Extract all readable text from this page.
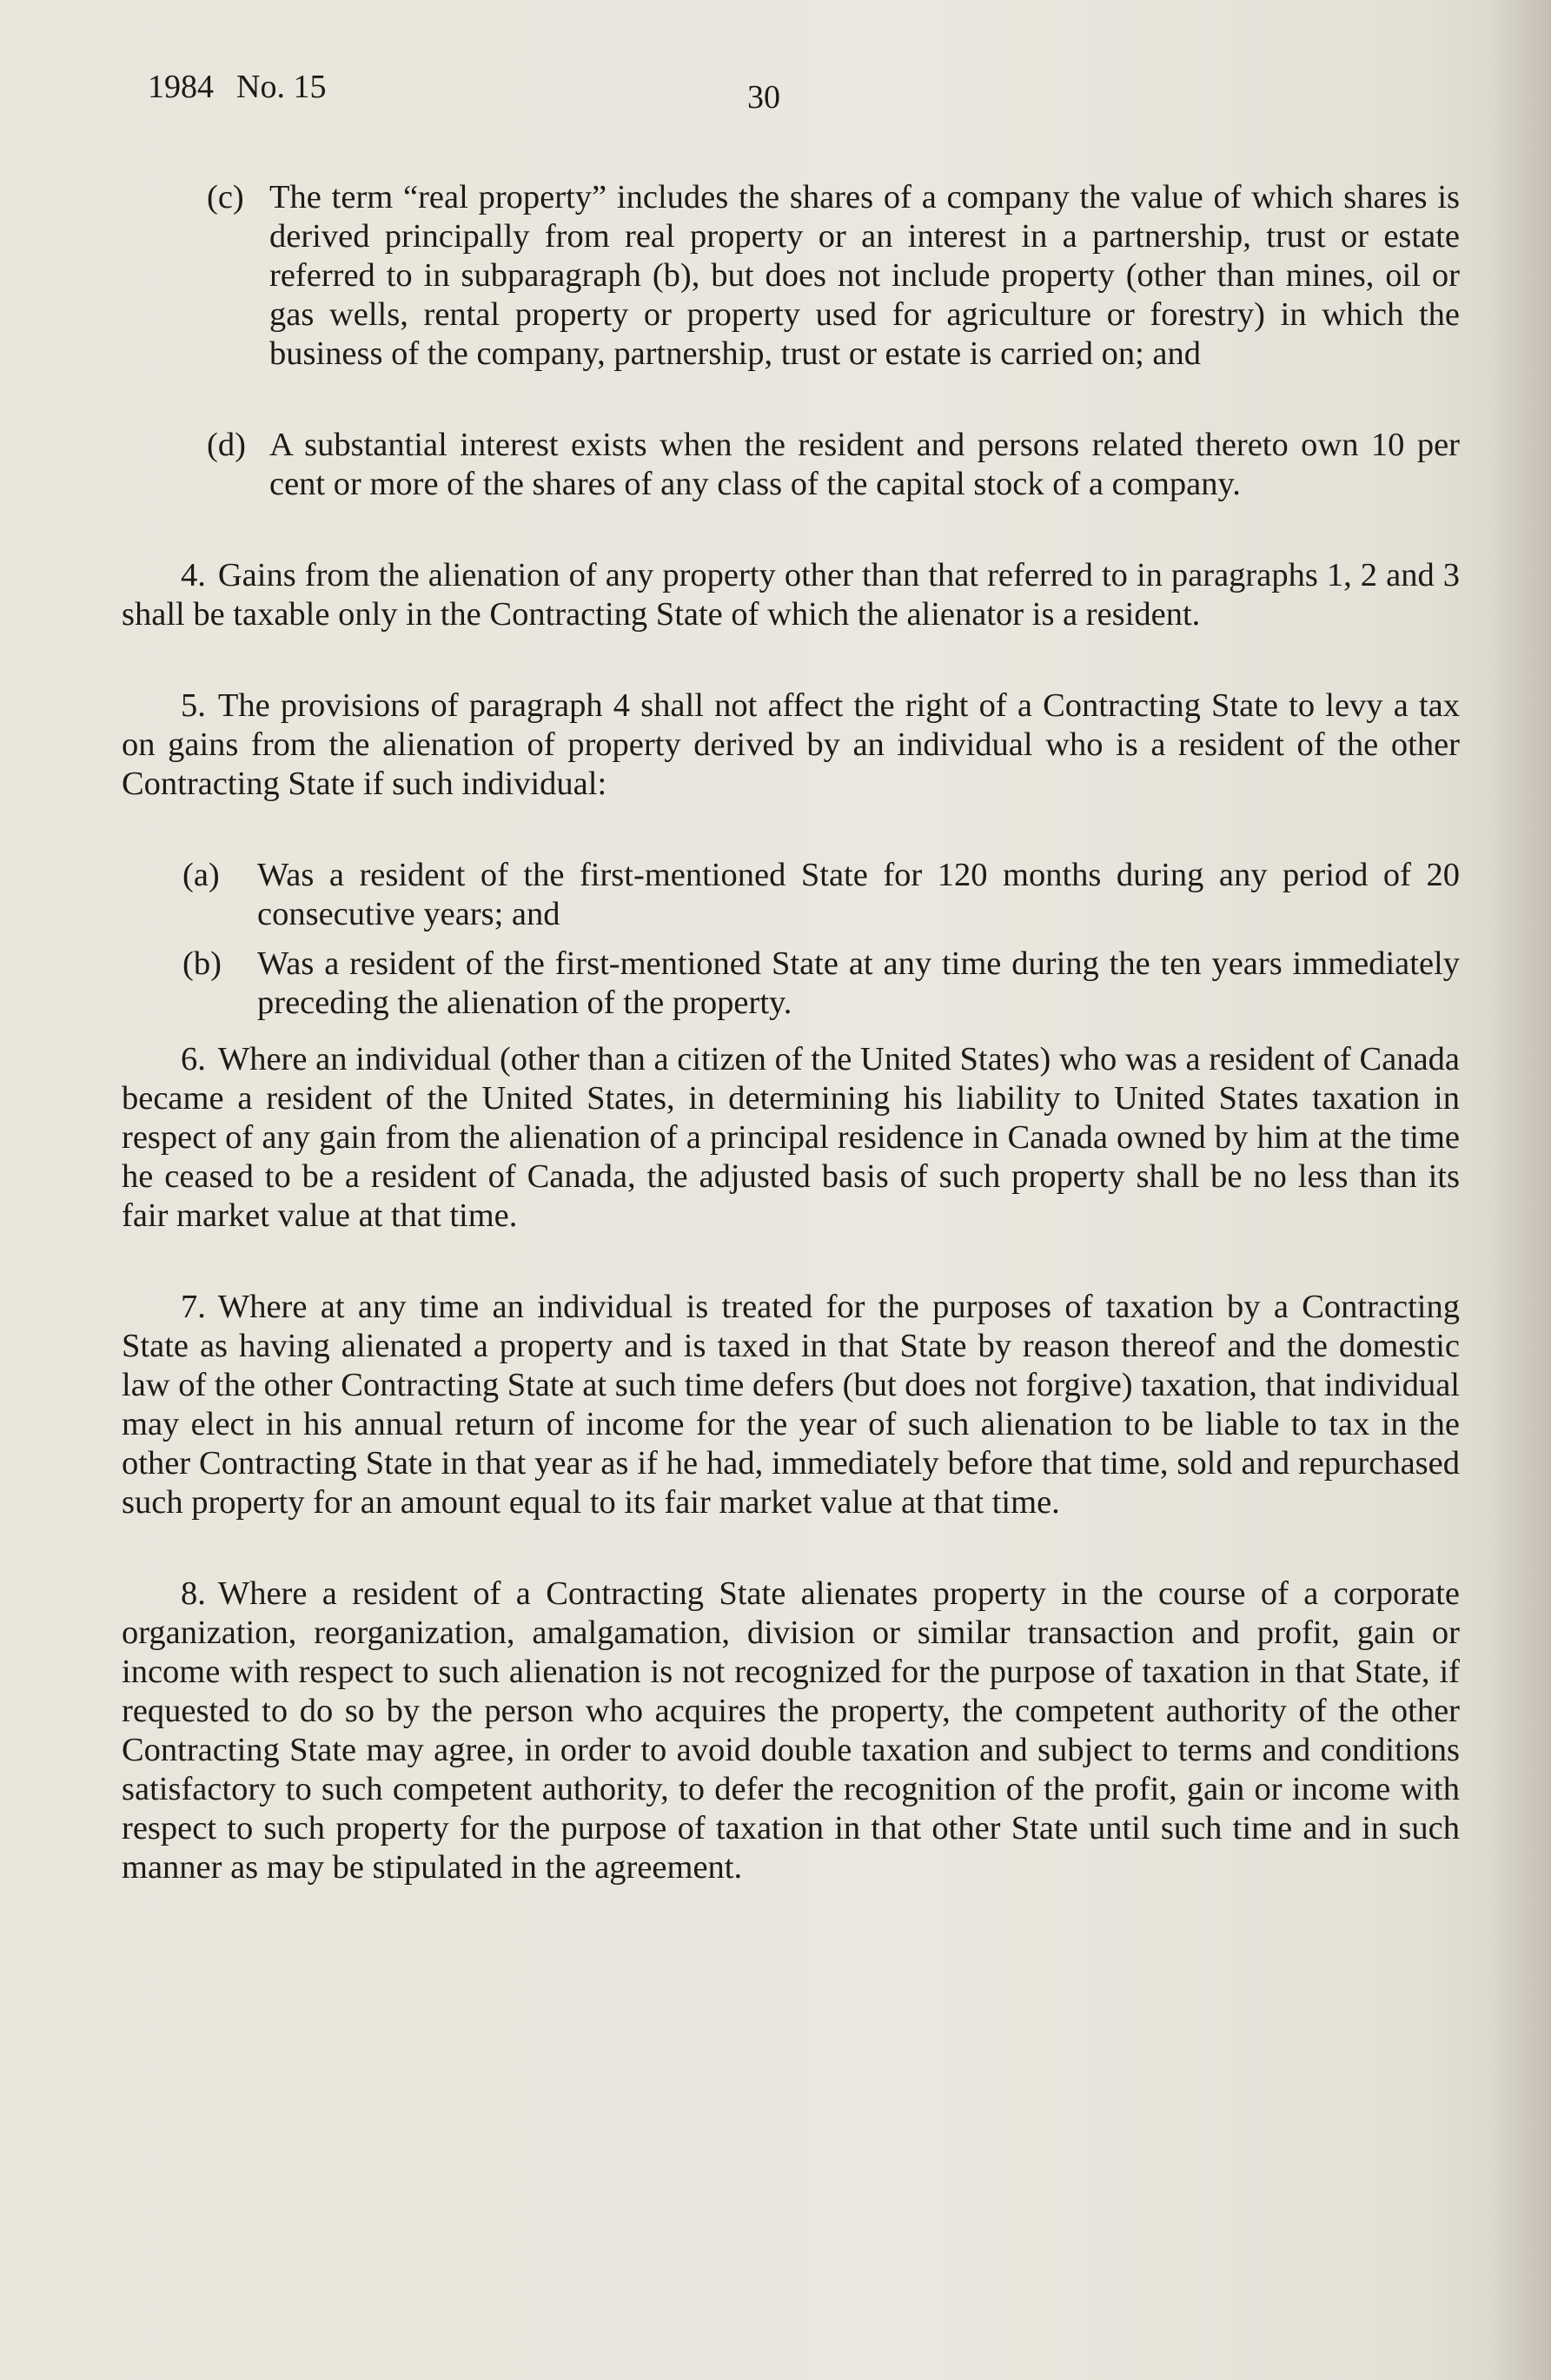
1984 No. 15	30
(c) The term “real property” includes the shares of a company the value of which shares is derived principally from real property or an interest in a partnership, trust or estate referred to in subparagraph (b), but does not include property (other than mines, oil or gas wells, rental property or property used for agriculture or forestry) in which the business of the company, partnership, trust or estate is carried on; and
(d) A substantial interest exists when the resident and persons related thereto own 10 per cent or more of the shares of any class of the capital stock of a company.
4. Gains from the alienation of any property other than that referred to in paragraphs 1, 2 and 3 shall be taxable only in the Contracting State of which the alienator is a resident.
5. The provisions of paragraph 4 shall not affect the right of a Contracting State to levy a tax on gains from the alienation of property derived by an individual who is a resident of the other Contracting State if such individual:
(a)	Was a resident of the first-mentioned State for 120 months during any period of 20 consecutive years; and
(b)	Was a resident of the first-mentioned State at any time during the ten years immediately preceding the alienation of the property.
6. Where an individual (other than a citizen of the United States) who was a resident of Canada became a resident of the United States, in determining his liability to United States taxation in respect of any gain from the alienation of a principal residence in Canada owned by him at the time he ceased to be a resident of Canada, the adjusted basis of such property shall be no less than its fair market value at that time.
7. Where at any time an individual is treated for the purposes of taxation by a Contracting State as having alienated a property and is taxed in that State by reason thereof and the domestic law of the other Contracting State at such time defers (but does not forgive) taxation, that individual may elect in his annual return of income for the year of such alienation to be liable to tax in the other Contracting State in that year as if he had, immediately before that time, sold and repurchased such property for an amount equal to its fair market value at that time.
8. Where a resident of a Contracting State alienates property in the course of a corporate organization, reorganization, amalgamation, division or similar transaction and profit, gain or income with respect to such alienation is not recognized for the purpose of taxation in that State, if requested to do so by the person who acquires the property, the competent authority of the other Contracting State may agree, in order to avoid double taxation and subject to terms and conditions satisfactory to such competent authority, to defer the recognition of the profit, gain or income with respect to such property for the purpose of taxation in that other State until such time and in such manner as may be stipulated in the agreement.
